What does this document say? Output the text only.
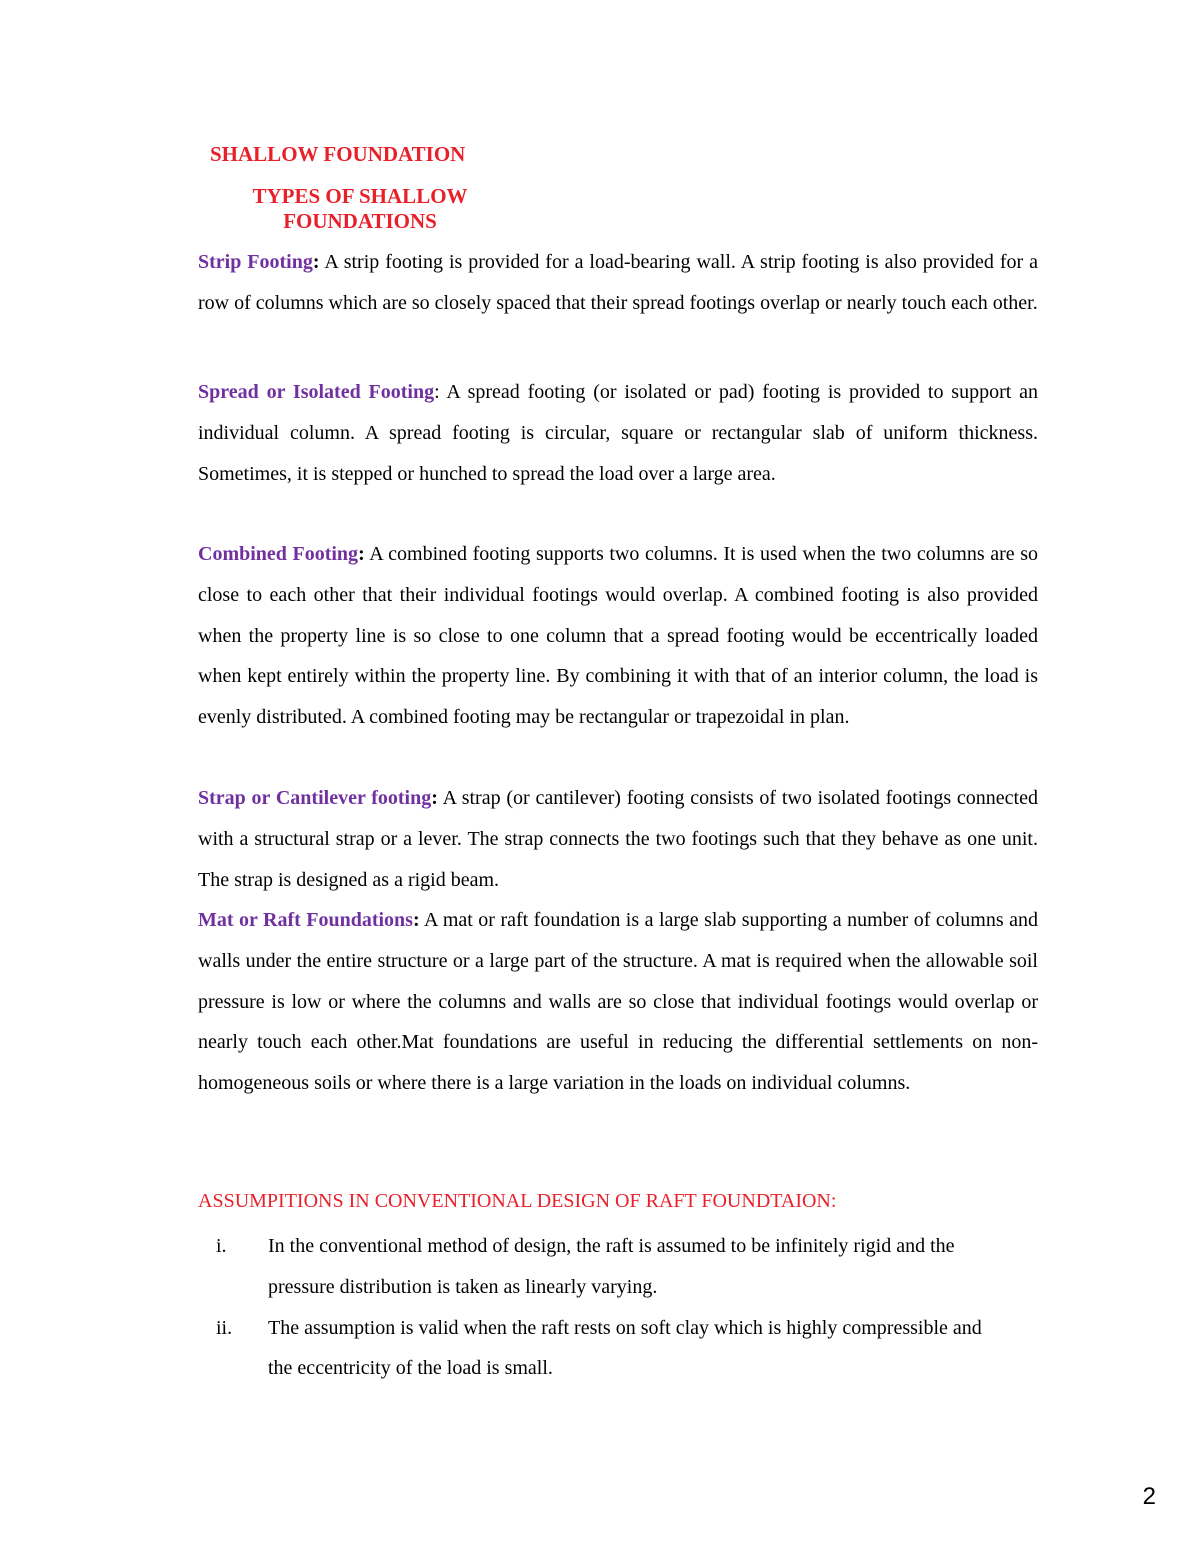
SHALLOW FOUNDATION
TYPES OF SHALLOW FOUNDATIONS

Strip Footing: A strip footing is provided for a load-bearing wall. A strip footing is also provided for a row of columns which are so closely spaced that their spread footings overlap or nearly touch each other.

Spread or Isolated Footing: A spread footing (or isolated or pad) footing is provided to support an individual column. A spread footing is circular, square or rectangular slab of uniform thickness. Sometimes, it is stepped or hunched to spread the load over a large area.

Combined Footing: A combined footing supports two columns. It is used when the two columns are so close to each other that their individual footings would overlap. A combined footing is also provided when the property line is so close to one column that a spread footing would be eccentrically loaded when kept entirely within the property line. By combining it with that of an interior column, the load is evenly distributed. A combined footing may be rectangular or trapezoidal in plan.

Strap or Cantilever footing: A strap (or cantilever) footing consists of two isolated footings connected with a structural strap or a lever. The strap connects the two footings such that they behave as one unit. The strap is designed as a rigid beam.

Mat or Raft Foundations: A mat or raft foundation is a large slab supporting a number of columns and walls under the entire structure or a large part of the structure. A mat is required when the allowable soil pressure is low or where the columns and walls are so close that individual footings would overlap or nearly touch each other.Mat foundations are useful in reducing the differential settlements on non-homogeneous soils or where there is a large variation in the loads on individual columns.

ASSUMPITIONS IN CONVENTIONAL DESIGN OF RAFT FOUNDTAION:
i.	In the conventional method of design, the raft is assumed to be infinitely rigid and the pressure distribution is taken as linearly varying.
ii.	The assumption is valid when the raft rests on soft clay which is highly compressible and the eccentricity of the load is small.

2
